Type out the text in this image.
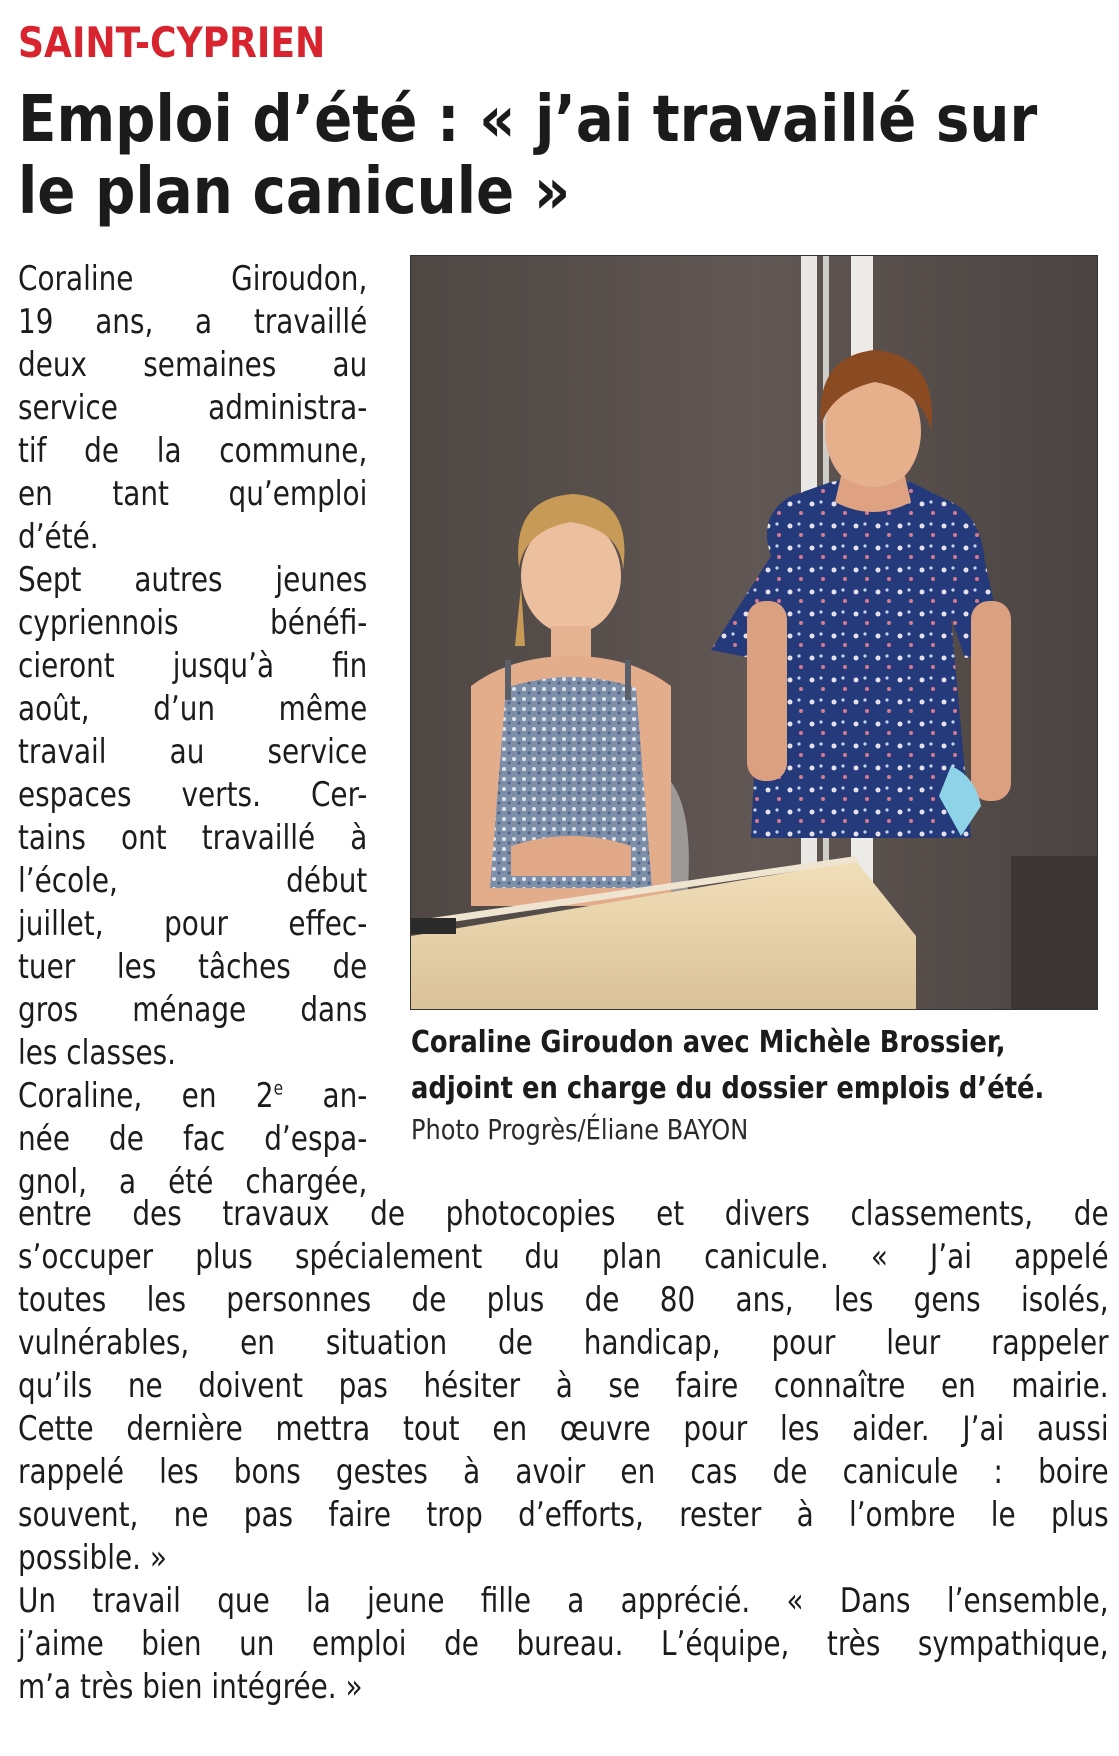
SAINT-CYPRIEN
Emploi d’été : « j’ai travaillé sur
le plan canicule »
Coraline Giroudon,
19 ans, a travaillé
deux semaines au
service administra-
tif de la commune,
en tant qu’emploi
d’été.
Sept autres jeunes
cypriennois bénéfi-
cieront jusqu’à fin
août, d’un même
travail au service
espaces verts. Cer-
tains ont travaillé à
l’école, début
juillet, pour effec-
tuer les tâches de
gros ménage dans
les classes.
Coraline, en 2e an-
née de fac d’espa-
gnol, a été chargée,
Coraline Giroudon avec Michèle Brossier,
adjoint en charge du dossier emplois d’été.
Photo Progrès/Éliane BAYON
entre des travaux de photocopies et divers classements, de
s’occuper plus spécialement du plan canicule. « J’ai appelé
toutes les personnes de plus de 80 ans, les gens isolés,
vulnérables, en situation de handicap, pour leur rappeler
qu’ils ne doivent pas hésiter à se faire connaître en mairie.
Cette dernière mettra tout en œuvre pour les aider. J’ai aussi
rappelé les bons gestes à avoir en cas de canicule : boire
souvent, ne pas faire trop d’efforts, rester à l’ombre le plus
possible. »
Un travail que la jeune fille a apprécié. « Dans l’ensemble,
j’aime bien un emploi de bureau. L’équipe, très sympathique,
m’a très bien intégrée. »
